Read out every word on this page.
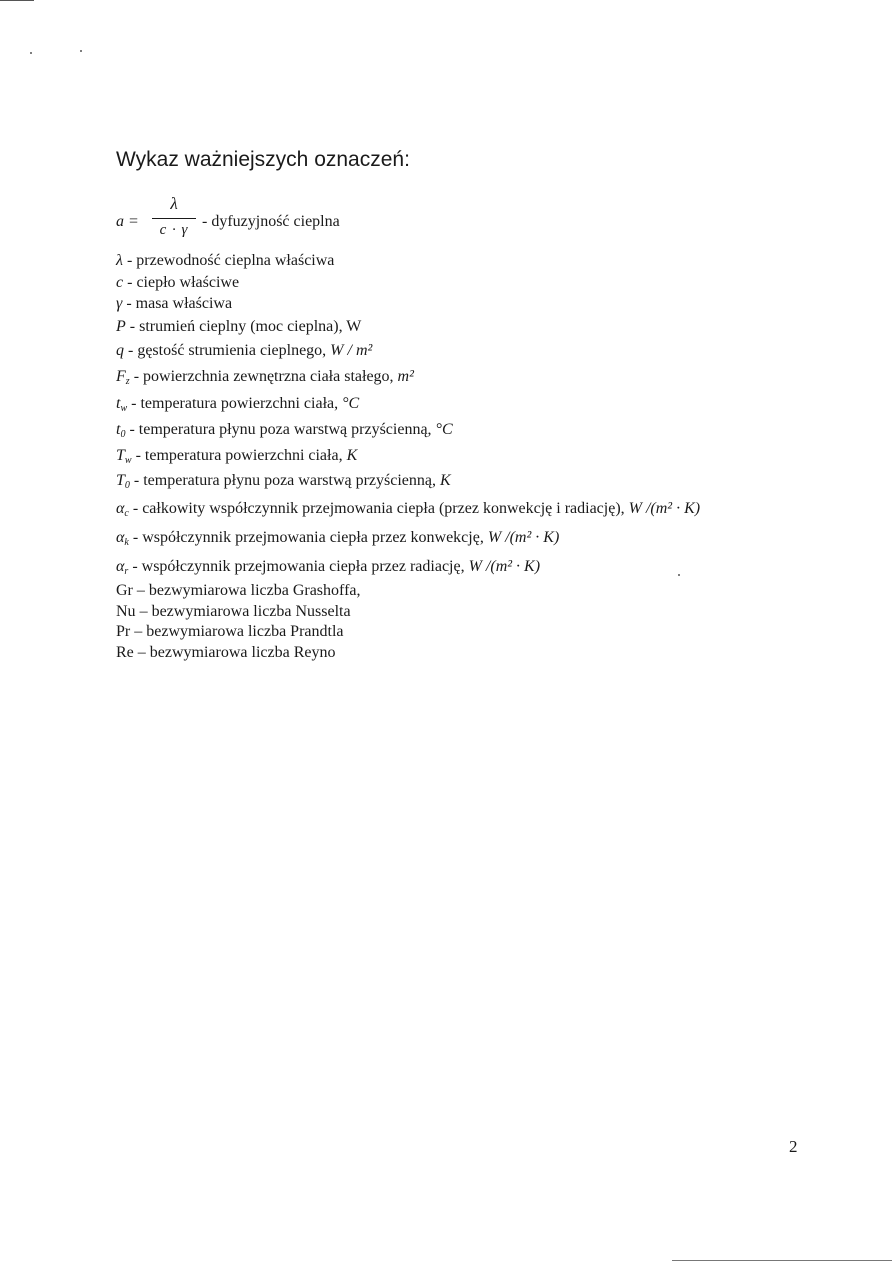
Wykaz ważniejszych oznaczeń:
a =
λ
c · γ - dyfuzyjność cieplna
λ - przewodność cieplna właściwa
c - ciepło właściwe
γ - masa właściwa
P - strumień cieplny (moc cieplna), W
q - gęstość strumienia cieplnego, W / m²
$F_z$ - powierzchnia zewnętrzna ciała stałego, m²
$t_w$ - temperatura powierzchni ciała, °C
$t_0$ - temperatura płynu poza warstwą przyścienną, °C
$T_w$ - temperatura powierzchni ciała, K
$T_0$ - temperatura płynu poza warstwą przyścienną, K
$\alpha_c$ - całkowity współczynnik przejmowania ciepła (przez konwekcję i radiację), W /(m² · K)
$\alpha_k$ - współczynnik przejmowania ciepła przez konwekcję, W /(m² · K)
$\alpha_r$ - współczynnik przejmowania ciepła przez radiację, W /(m² · K)
Gr – bezwymiarowa liczba Grashoffa,
Nu – bezwymiarowa liczba Nusselta
Pr – bezwymiarowa liczba Prandtla
Re – bezwymiarowa liczba Reyno
2
